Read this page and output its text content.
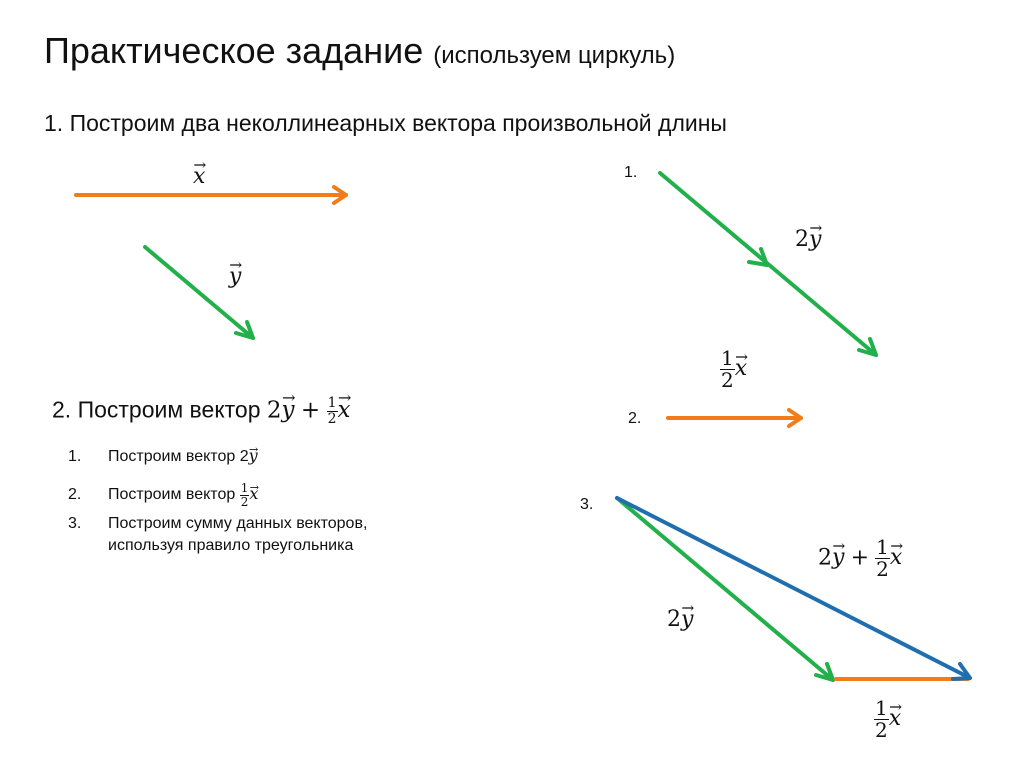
Практическое задание (используем циркуль)
1. Построим два неколлинеарных вектора произвольной длины
2. Построим вектор $2\to y + \frac{1}{2}$
→ x
1. Построим вектор 2→ y
2. Построим вектор $\frac{1}{2}$
→ x
3. Построим сумму данных векторов,
используя правило треугольника
1.
2.
3.
→ x → y
2→ y
$\frac{1}{2}$
→ x
$2\to y + \frac{1}{2}$
→ x
2→ y
$\frac{1}{2}$
→ x
